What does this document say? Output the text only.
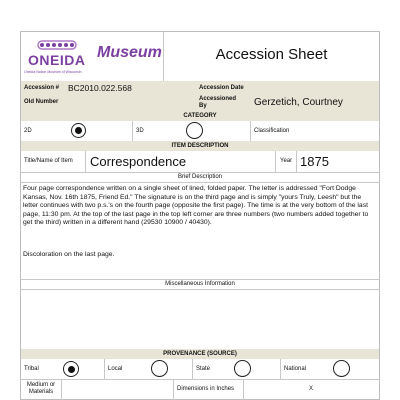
ONEIDA
Oneida Nation Museum of Wisconsin
Museum	Accession Sheet
Accession # BC2010.022.568	Accession Date
Old Number	Accessioned By	Gerzetich, Courtney
CATEGORY
2D	3D	Classification
ITEM DESCRIPTION
Title/Name of Item Correspondence	Year 1875
Brief Description
Four page correspondence written on a single sheet of lined, folded paper. The letter is addressed "Fort Dodge Kansas, Nov. 16th 1875, Friend Ed." The signature is on the third page and is simply "yours Truly, Leesh" but the letter continues with two p.s.'s on the fourth page (opposite the first page). The time is at the very bottom of the last page, 11:30 pm. At the top of the last page in the top left corner are three numbers (two numbers added together to get the third) written in a different hand (29530 10900 / 40430).
Discoloration on the last page.
Miscellaneous Information
PROVENANCE (SOURCE)
Tribal	Local	State	National
Medium or Materials	Dimensions in Inches	X
